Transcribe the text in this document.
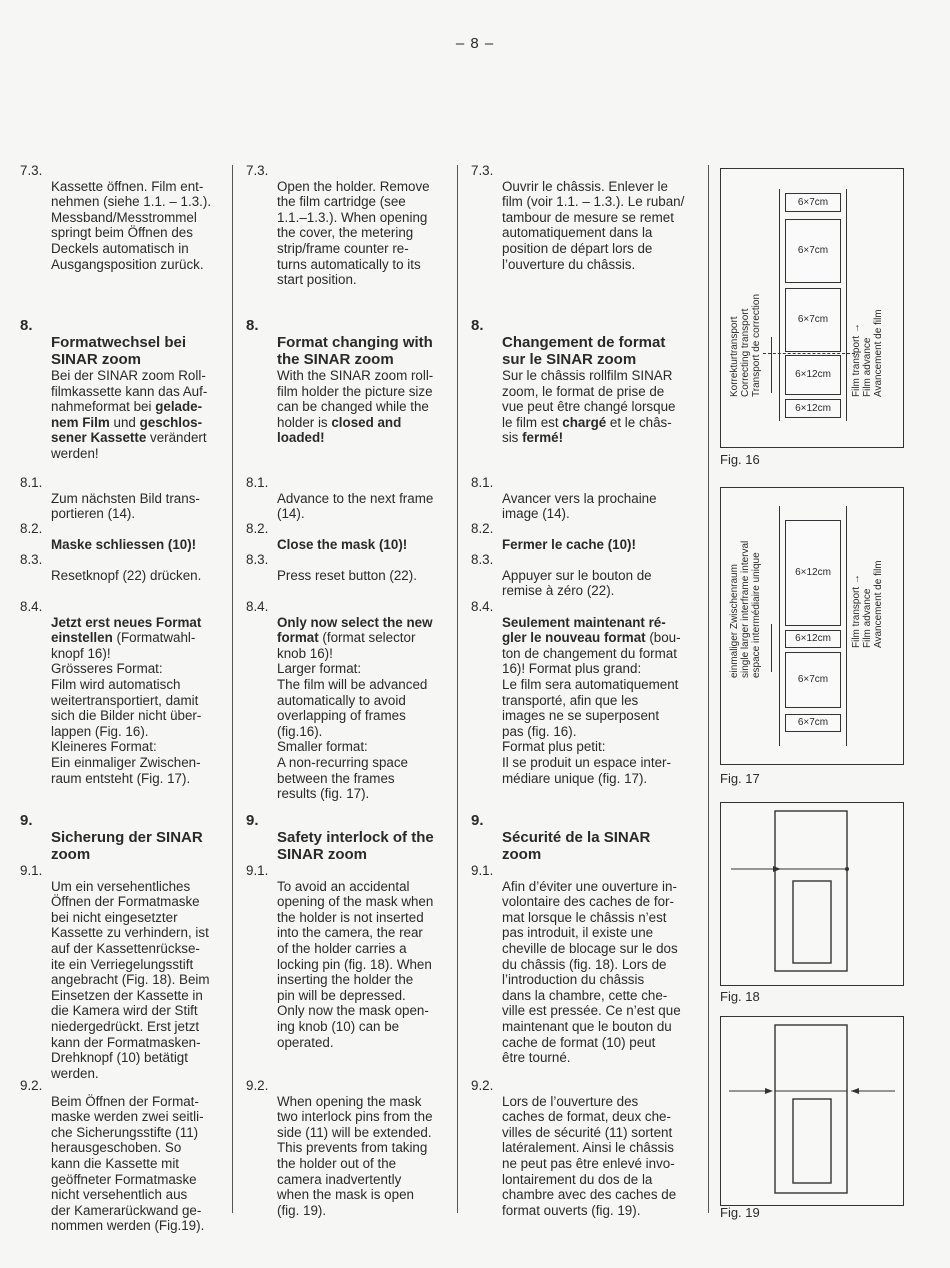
– 8 –

7.3.
Kassette öffnen. Film ent-
nehmen (siehe 1.1. – 1.3.).
Messband/Messtrommel
springt beim Öffnen des
Deckels automatisch in
Ausgangsposition zurück.

8.
Formatwechsel bei
SINAR zoom

Bei der SINAR zoom Roll-
filmkassette kann das Auf-
nahmeformat bei gelade-
nem Film und geschlos-
sener Kassette verändert
werden!

8.1.
Zum nächsten Bild trans-
portieren (14).

8.2.
Maske schliessen (10)!

8.3.
Resetknopf (22) drücken.

8.4.
Jetzt erst neues Format
einstellen (Formatwahl-
knopf 16)!
Grösseres Format:
Film wird automatisch
weitertransportiert, damit
sich die Bilder nicht über-
lappen (Fig. 16).
Kleineres Format:
Ein einmaliger Zwischen-
raum entsteht (Fig. 17).

9.
Sicherung der SINAR
zoom

9.1.
Um ein versehentliches
Öffnen der Formatmaske
bei nicht eingesetzter
Kassette zu verhindern, ist
auf der Kassettenrückse-
ite ein Verriegelungsstift
angebracht (Fig. 18). Beim
Einsetzen der Kassette in
die Kamera wird der Stift
niedergedrückt. Erst jetzt
kann der Formatmasken-
Drehknopf (10) betätigt
werden.

9.2.
Beim Öffnen der Format-
maske werden zwei seitli-
che Sicherungsstifte (11)
herausgeschoben. So
kann die Kassette mit
geöffneter Formatmaske
nicht versehentlich aus
der Kamerarückwand ge-
nommen werden (Fig.19).

7.3.
Open the holder. Remove
the film cartridge (see
1.1.–1.3.). When opening
the cover, the metering
strip/frame counter re-
turns automatically to its
start position.

8.
Format changing with
the SINAR zoom

With the SINAR zoom roll-
film holder the picture size
can be changed while the
holder is closed and
loaded!

8.1.
Advance to the next frame
(14).

8.2.
Close the mask (10)!

8.3.
Press reset button (22).

8.4.
Only now select the new
format (format selector
knob 16)!
Larger format:
The film will be advanced
automatically to avoid
overlapping of frames
(fig.16).
Smaller format:
A non-recurring space
between the frames
results (fig. 17).

9.
Safety interlock of the
SINAR zoom

9.1.
To avoid an accidental
opening of the mask when
the holder is not inserted
into the camera, the rear
of the holder carries a
locking pin (fig. 18). When
inserting the holder the
pin will be depressed.
Only now the mask open-
ing knob (10) can be
operated.

9.2.
When opening the mask
two interlock pins from the
side (11) will be extended.
This prevents from taking
the holder out of the
camera inadvertently
when the mask is open
(fig. 19).

7.3.
Ouvrir le châssis. Enlever le
film (voir 1.1. – 1.3.). Le ruban/
tambour de mesure se remet
automatiquement dans la
position de départ lors de
l’ouverture du châssis.

8.
Changement de format
sur le SINAR zoom

Sur le châssis rollfilm SINAR
zoom, le format de prise de
vue peut être changé lorsque
le film est chargé et le châs-
sis fermé!

8.1.
Avancer vers la prochaine
image (14).

8.2.
Fermer le cache (10)!

8.3.
Appuyer sur le bouton de
remise à zéro (22).

8.4.
Seulement maintenant ré-
gler le nouveau format (bou-
ton de changement du format
16)! Format plus grand:
Le film sera automatiquement
transporté, afin que les
images ne se superposent
pas (fig. 16).
Format plus petit:
Il se produit un espace inter-
médiare unique (fig. 17).

9.
Sécurité de la SINAR
zoom

9.1.
Afin d’éviter une ouverture in-
volontaire des caches de for-
mat lorsque le châssis n’est
pas introduit, il existe une
cheville de blocage sur le dos
du châssis (fig. 18). Lors de
l’introduction du châssis
dans la chambre, cette che-
ville est pressée. Ce n’est que
maintenant que le bouton du
cache de format (10) peut
être tourné.

9.2.
Lors de l’ouverture des
caches de format, deux che-
villes de sécurité (11) sortent
latéralement. Ainsi le châssis
ne peut pas être enlevé invo-
lontairement du dos de la
chambre avec des caches de
format ouverts (fig. 19).

Korrekturtransport
Correcting transport
Transport de correction
Film transport →
Film advance
Avancement de film
6×7cm
6×7cm
6×7cm
6×12cm
6×12cm
Fig. 16
einmaliger Zwischenraum
single larger interframe interval
espace intermédiaire unique
Film transport →
Film advance
Avancement de film
6×12cm
6×12cm
6×7cm
6×7cm
Fig. 17
Fig. 18
Fig. 19
